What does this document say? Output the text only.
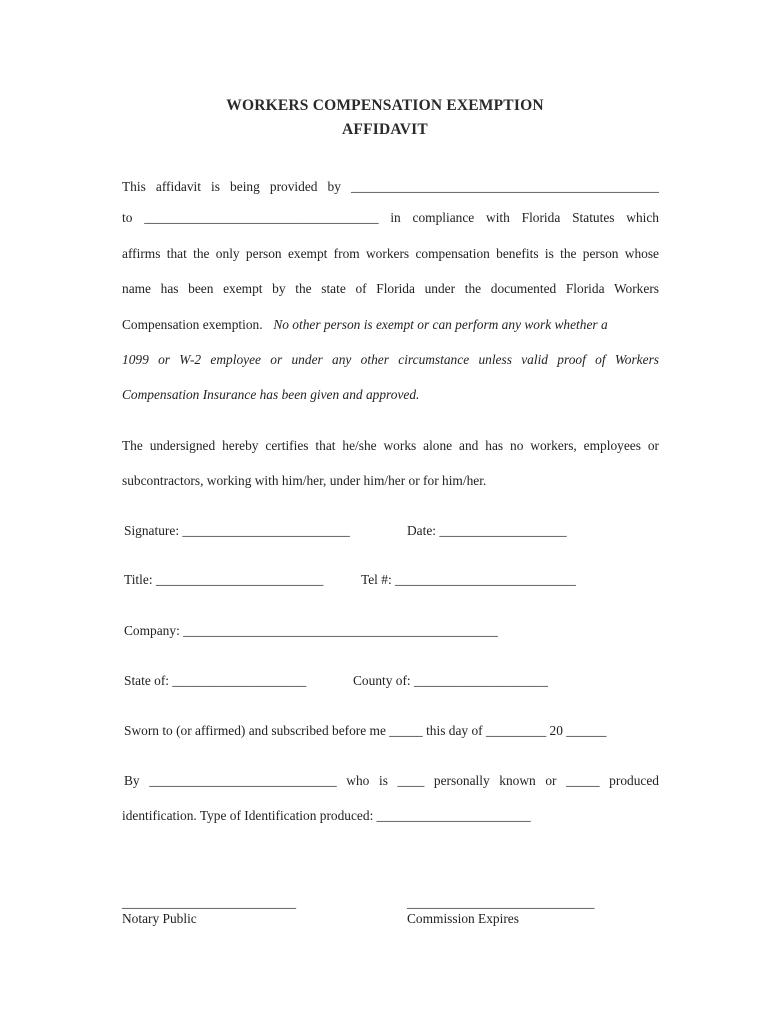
WORKERS COMPENSATION EXEMPTION
AFFIDAVIT
This affidavit is being provided by ______________________________________________
to ___________________________________ in compliance with Florida Statutes which
affirms that the only person exempt from workers compensation benefits is the person whose
name has been exempt by the state of Florida under the documented Florida Workers
Compensation exemption. No other person is exempt or can perform any work whether a
1099 or W-2 employee or under any other circumstance unless valid proof of Workers
Compensation Insurance has been given and approved.
The undersigned hereby certifies that he/she works alone and has no workers, employees or
subcontractors, working with him/her, under him/her or for him/her.
Signature: _________________________	Date: ___________________
Title: _________________________	Tel #: ___________________________
Company: _______________________________________________
State of: ____________________	County of: ____________________
Sworn to (or affirmed) and subscribed before me _____ this day of _________ 20 ______
By ____________________________ who is ____ personally known or _____ produced
identification. Type of Identification produced: _______________________
__________________________
Notary Public
____________________________
Commission Expires
